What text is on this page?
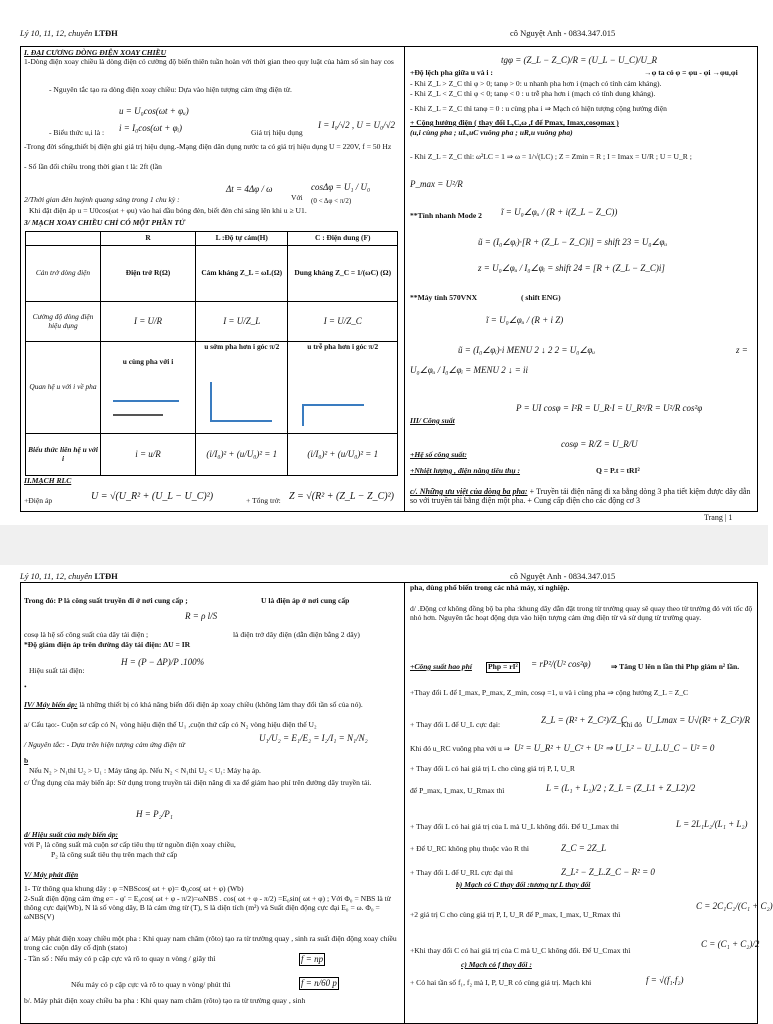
Lý 10, 11, 12, chuyên LTĐH	cô Nguyệt Anh - 0834.347.015
I. ĐẠI CƯƠNG DÒNG ĐIỆN XOAY CHIỀU
1-Dòng điện xoay chiều là dòng điện có cường độ biến thiên tuần hoàn với thời gian theo quy luật của hàm số sin hay cos
- Nguyên tắc tạo ra dòng điện xoay chiều: Dựa vào hiện tượng cảm ứng điện từ.
u = U₀cos(ωt + φᵤ)
- Biểu thức u,i là : i = I₀cos(ωt + φᵢ)	Giá trị hiệu dụng
I = I₀/√2 , U = U₀/√2
-Trong đời sống,thiết bị điện ghi giá trị hiệu dụng.-Mạng điện dân dụng nước ta có giá trị hiệu dụng U = 220V, f = 50 Hz
- Số lần đổi chiều trong thời gian t là: 2ft (lần
Δt = 4Δφ / ω
Với
cosΔφ = U₁ / U₀
(0 < Δφ < π/2)
2/Thời gian đèn huỳnh quang sáng trong 1 chu kỳ :
Khi đặt điện áp u = U0cos(ωt + φu) vào hai đầu bóng đèn, biết đèn chỉ sáng lên khi u ≥ U1.
3/ MẠCH XOAY CHIỀU CHỈ CÓ MỘT PHẦN TỬ
	R	L :Độ tự cảm(H)	C : Điện dung (F)
Cản trở dòng điện	Điện trở R(Ω)	Cảm kháng Z_L = ωL(Ω)	Dung kháng Z_C = 1/(ωC) (Ω)
Cường độ dòng điện hiệu dụng	I = U/R	I = U/Z_L	I = U/Z_C
Quan hệ u với i về pha	u cùng pha với i	u sớm pha hơn i góc π/2	u trễ pha hơn i góc π/2

Biểu thức liên hệ u với i	i = u/R	(i/I₀)² + (u/U₀)² = 1	(i/I₀)² + (u/U₀)² = 1
II.MẠCH RLC
+Điện áp	U = √(U_R² + (U_L − U_C)²)	+ Tổng trở: Z = √(R² + (Z_L − Z_C)²)
+Độ lệch pha giữa u và i :
tgφ = (Z_L − Z_C)/R = (U_L − U_C)/U_R
→φ ta có φ = φu - φi →φu,φi
- Khi Z_L > Z_C thì φ > 0; tanφ > 0: u nhanh pha hơn i (mạch có tính cảm kháng).
- Khi Z_L < Z_C thì φ < 0; tanφ < 0 : u trễ pha hơn i (mạch có tính dung kháng).
- Khi Z_L = Z_C thì tanφ = 0 : u cùng pha i ⇒ Mạch có hiện tượng cộng hưởng điện
+ Cộng hưởng điện ( thay đổi L,C,ω ,f để Pmax, Imax,cosφmax )
(u,i cùng pha ; uL,uC vuông pha ; uR,u vuông pha)
- Khi Z_L = Z_C thì: ω²LC = 1 ⇒ ω = 1/√(LC) ; Z = Zmin = R ; I = Imax = U/R ; U = U_R ;
P_max = U²/R
**Tính nhanh Mode 2 ĩ = U₀∠φᵤ / (R + i(Z_L − Z_C))
ũ = (I₀∠φᵢ)·[R + (Z_L − Z_C)i] = shift 23 = U₀∠φᵤ
z = U₀∠φᵤ / I₀∠φᵢ = shift 24 = [R + (Z_L − Z_C)i]
**Máy tính 570VNX	( shift ENG)
ĩ = U₀∠φᵤ / (R + i Z)
ũ = (I₀∠φᵢ)·i MENU 2 ↓ 2 2 = U₀∠φᵤ	z =
U₀∠φᵤ / I₀∠φᵢ = MENU 2 ↓ = ii
III/ Công suất
P = UI cosφ = I²R = U_R·I = U_R²/R = U²/R cos²φ
+Hệ số công suất:
cosφ = R/Z = U_R/U
+Nhiệt lượng , điện năng tiêu thụ :	Q = P.t = tRI²
c/. Những ưu việt của dòng ba pha: + Truyền tải điện năng đi xa bằng dòng 3 pha tiết kiệm được dây dẫn so với truyền tải bằng điện một pha. + Cung cấp điện cho các động cơ 3
Trang | 1
Lý 10, 11, 12, chuyên LTĐH	cô Nguyệt Anh - 0834.347.015
Trong đó: P là công suất truyền đi ở nơi cung cấp ;	U là điện áp ở nơi cung cấp
R = ρ l/S
cosφ là hệ số công suất của dây tải điện ;	là điện trở dây điện (dẫn điện bằng 2 dây)
*Độ giảm điện áp trên đường dây tải điện: ΔU = IR
Hiệu suất tải điện:
H = (P − ΔP)/P .100%
•
IV/ Máy biến áp: là những thiết bị có khả năng biến đổi điện áp xoay chiều (không làm thay đổi tần số của nó).
a/ Cấu tạo:- Cuộn sơ cấp có N₁ vòng hiệu điện thế U₁ ,cuộn thứ cấp có N₂ vòng hiệu điện thế U₂
U₁/U₂ = E₁/E₂ = I₂/I₁ = N₁/N₂
/ Nguyên tắc: - Dựa trên hiện tượng cảm ứng điện từ
b
Nếu N₂ > N₁thì U₂ > U₁ : Máy tăng áp. Nếu N₂ < N₁thì U₂ < U₁: Máy hạ áp.
c/ Ứng dụng của máy biến áp: Sử dụng trong truyền tải điện năng đi xa để giảm hao phí trên đường dây truyền tải.
H = P₂/P₁
d/ Hiệu suất của máy biến áp:
với P₁ là công suất mà cuộn sơ cấp tiêu thụ từ nguồn điện xoay chiều,
P₂ là công suất tiêu thụ trên mạch thứ cấp
V/ Máy phát điện
1- Từ thông qua khung dây : φ =NBScos( ωt + φ)= Φ₀cos( ωt + φ) (Wb)
2-Suất điện động cảm ứng e= - φ' = E₀cos( ωt + φ - π/2)=ωNBS . cos( ωt + φ - π/2) =E₀sin( ωt + φ) ; Với Φ₀ = NBS là từ thông cực đại(Wb), N là số vòng dây, B là cảm ứng từ (T), S là diện tích (m²) và Suất điện động cực đại E₀ = ω. Φ₀ = ωNBS(V)
a/ Máy phát điện xoay chiều một pha : Khi quay nam châm (rôto) tạo ra từ trường quay , sinh ra suất điện động xoay chiều trong các cuộn dây cố định (stato)
- Tần số : Nếu máy có p cặp cực và rô to quay n vòng / giây thì	f = np
Nếu máy có p cặp cực và rô to quay n vòng/ phút thì	f = n/60 p
b/. Máy phát điện xoay chiều ba pha : Khi quay nam châm (rôto) tạo ra từ trường quay , sinh
pha, dùng phổ biến trong các nhà máy, xí nghiệp.
d/ .Động cơ không đồng bộ ba pha :khung dây dẫn đặt trong từ trường quay sẽ quay theo từ trường đó với tốc độ nhỏ hơn. Nguyên tắc hoạt động dựa vào hiện tượng cảm ứng điện từ và sử dụng từ trường quay.
+Công suất hao phí Php = rI² = rP²/(U² cos²φ)	⇒ Tăng U lên n lần thì Php giảm n² lần.
+Thay đổi L để I_max, P_max, Z_min, cosφ =1, u và i cùng pha ⇒ cộng hưởng Z_L = Z_C
+ Thay đổi L để U_L cực đại:	Z_L = (R² + Z_C²)/Z_C
Khi đó U_Lmax = U√(R² + Z_C²)/R
Khi đó u_RC vuông pha với u ⇒ U² = U_R² + U_C² + U² ⇒ U_L² − U_L.U_C − U² = 0
+ Thay đổi L có hai giá trị L cho cùng giá trị P, I, U_R
để P_max, I_max, U_Rmax thì	L = (L₁ + L₂)/2 ; Z_L = (Z_L1 + Z_L2)/2
+ Thay đổi L có hai giá trị của L mà U_L không đổi. Để U_Lmax thì	L = 2L₁L₂/(L₁ + L₂)
+ Để U_RC không phụ thuộc vào R thì	Z_C = 2Z_L
+ Thay đổi L để U_RL cực đại thì	Z_L² − Z_L.Z_C − R² = 0
b) Mạch có C thay đổi :tương tự L thay đổi
+2 giá trị C cho cùng giá trị P, I, U_R để P_max, I_max, U_Rmax thì
C = 2C₁C₂/(C₁ + C₂)
+Khi thay đổi C có hai giá trị của C mà U_C không đổi. Để U_Cmax thì
C = (C₁ + C₂)/2
c) Mạch có f thay đổi :
+ Có hai tần số f₁, f₂ mà I, P, U_R có cùng giá trị. Mạch khi	f = √(f₁.f₂)
